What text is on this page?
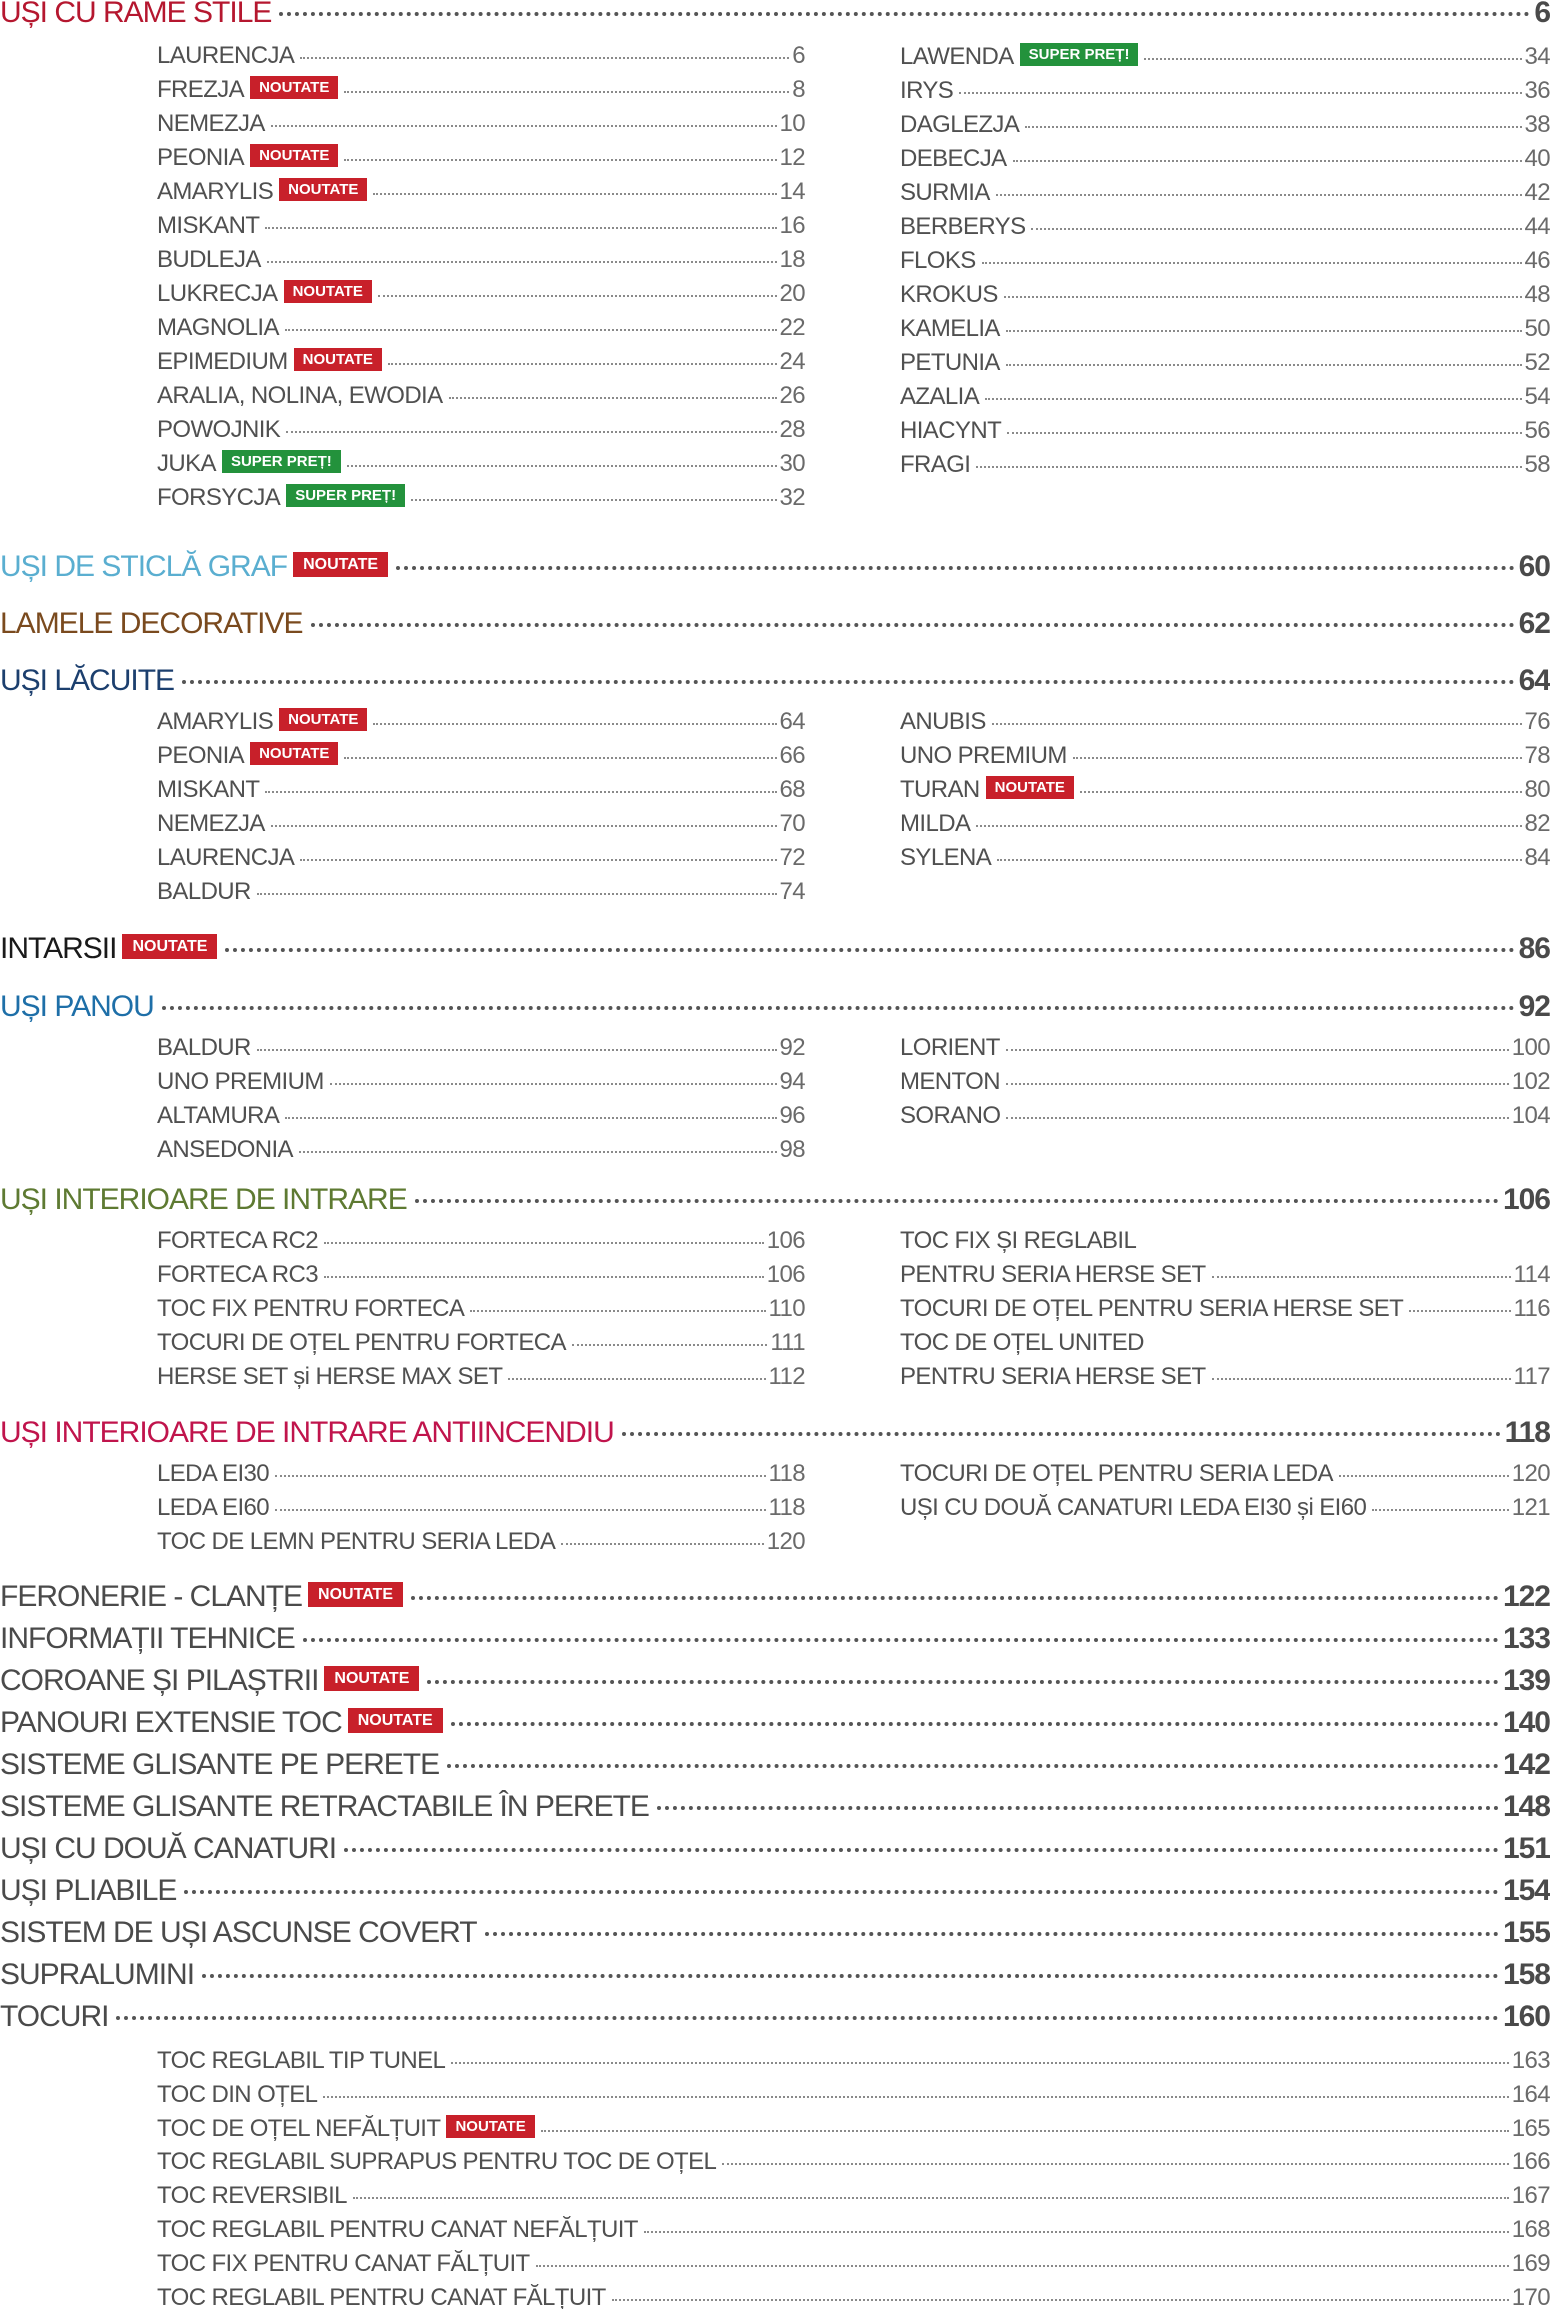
UȘI CU RAME STILE	6
LAURENCJA	6
FREZJA	NOUTATE	8
NEMEZJA	10
PEONIA	NOUTATE	12
AMARYLIS	NOUTATE	14
MISKANT	16
BUDLEJA	18
LUKRECJA	NOUTATE	20
MAGNOLIA	22
EPIMEDIUM	NOUTATE	24
ARALIA, NOLINA, EWODIA	26
POWOJNIK	28
JUKA	SUPER PREȚ!	30
FORSYCJA	SUPER PREȚ!	32
LAWENDA	SUPER PREȚ!	34
IRYS	36
DAGLEZJA	38
DEBECJA	40
SURMIA	42
BERBERYS	44
FLOKS	46
KROKUS	48
KAMELIA	50
PETUNIA	52
AZALIA	54
HIACYNT	56
FRAGI	58
UȘI DE STICLĂ GRAF	NOUTATE	60
LAMELE DECORATIVE	62
UȘI LĂCUITE	64
AMARYLIS	NOUTATE	64
PEONIA	NOUTATE	66
MISKANT	68
NEMEZJA	70
LAURENCJA	72
BALDUR	74
ANUBIS	76
UNO PREMIUM	78
TURAN	NOUTATE	80
MILDA	82
SYLENA	84
INTARSII	NOUTATE	86
UȘI PANOU	92
BALDUR	92
UNO PREMIUM	94
ALTAMURA	96
ANSEDONIA	98
LORIENT	100
MENTON	102
SORANO	104
UȘI INTERIOARE DE INTRARE	106
FORTECA RC2	106
FORTECA RC3	106
TOC FIX PENTRU FORTECA	110
TOCURI DE OȚEL PENTRU FORTECA	111
HERSE SET și HERSE MAX SET	112
TOC FIX ȘI REGLABIL
PENTRU SERIA HERSE SET	114
TOCURI DE OȚEL PENTRU SERIA HERSE SET	116
TOC DE OȚEL UNITED
PENTRU SERIA HERSE SET	117
UȘI INTERIOARE DE INTRARE ANTIINCENDIU	118
LEDA EI30	118
LEDA EI60	118
TOC DE LEMN PENTRU SERIA LEDA	120
TOCURI DE OȚEL PENTRU SERIA LEDA	120
UȘI CU DOUĂ CANATURI LEDA EI30 și EI60	121
FERONERIE - CLANȚE	NOUTATE	122
INFORMAȚII TEHNICE	133
COROANE ȘI PILAȘTRII	NOUTATE	139
PANOURI EXTENSIE TOC	NOUTATE	140
SISTEME GLISANTE PE PERETE	142
SISTEME GLISANTE RETRACTABILE ÎN PERETE	148
UȘI CU DOUĂ CANATURI	151
UȘI PLIABILE	154
SISTEM DE UȘI ASCUNSE COVERT	155
SUPRALUMINI	158
TOCURI	160
TOC REGLABIL TIP TUNEL	163
TOC DIN OȚEL	164
TOC DE OȚEL NEFĂLȚUIT	NOUTATE	165
TOC REGLABIL SUPRAPUS PENTRU TOC DE OȚEL	166
TOC REVERSIBIL	167
TOC REGLABIL PENTRU CANAT NEFĂLȚUIT	168
TOC FIX PENTRU CANAT FĂLȚUIT	169
TOC REGLABIL PENTRU CANAT FĂLȚUIT	170
